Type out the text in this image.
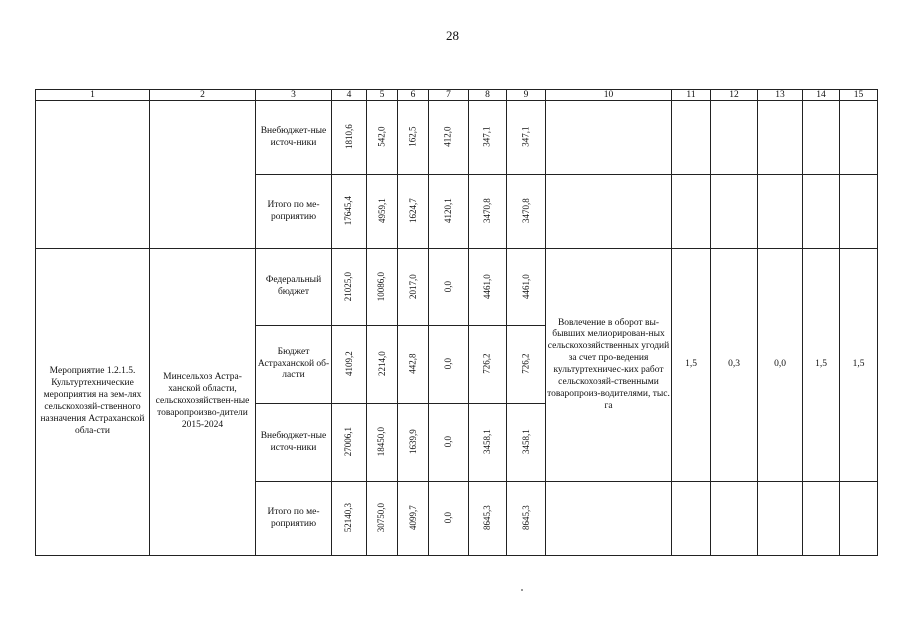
28
1	2	3	4	5	6	7	8	9	10	11	12	13	14	15
		Внебюджет-ные источ-ники	1810,6	542,0	162,5	412,0	347,1	347,1						
		Итого по ме-роприятию	17645,4	4959,1	1624,7	4120,1	3470,8	3470,8						
Мероприятие 1.2.1.5. Культуртехнические мероприятия на зем-лях сельскохозяй-ственного назначения Астраханской обла-сти	Минсельхоз Астра-ханской области, сельскохозяйствен-ные товаропроизво-дители 2015-2024	Федеральный бюджет	21025,0	10086,0	2017,0	0,0	4461,0	4461,0	Вовлечение в оборот вы-бывших мелиорирован-ных сельскохозяйственных угодий за счет про-ведения культуртехничес-ких работ сельскохозяй-ственными товаропроиз-водителями, тыс. га	1,5	0,3	0,0	1,5	1,5
		Бюджет Астраханской об-ласти	4109,2	2214,0	442,8	0,0	726,2	726,2						
		Внебюджет-ные источ-ники	27006,1	18450,0	1639,9	0,0	3458,1	3458,1						
		Итого по ме-роприятию	52140,3	30750,0	4099,7	0,0	8645,3	8645,3						
